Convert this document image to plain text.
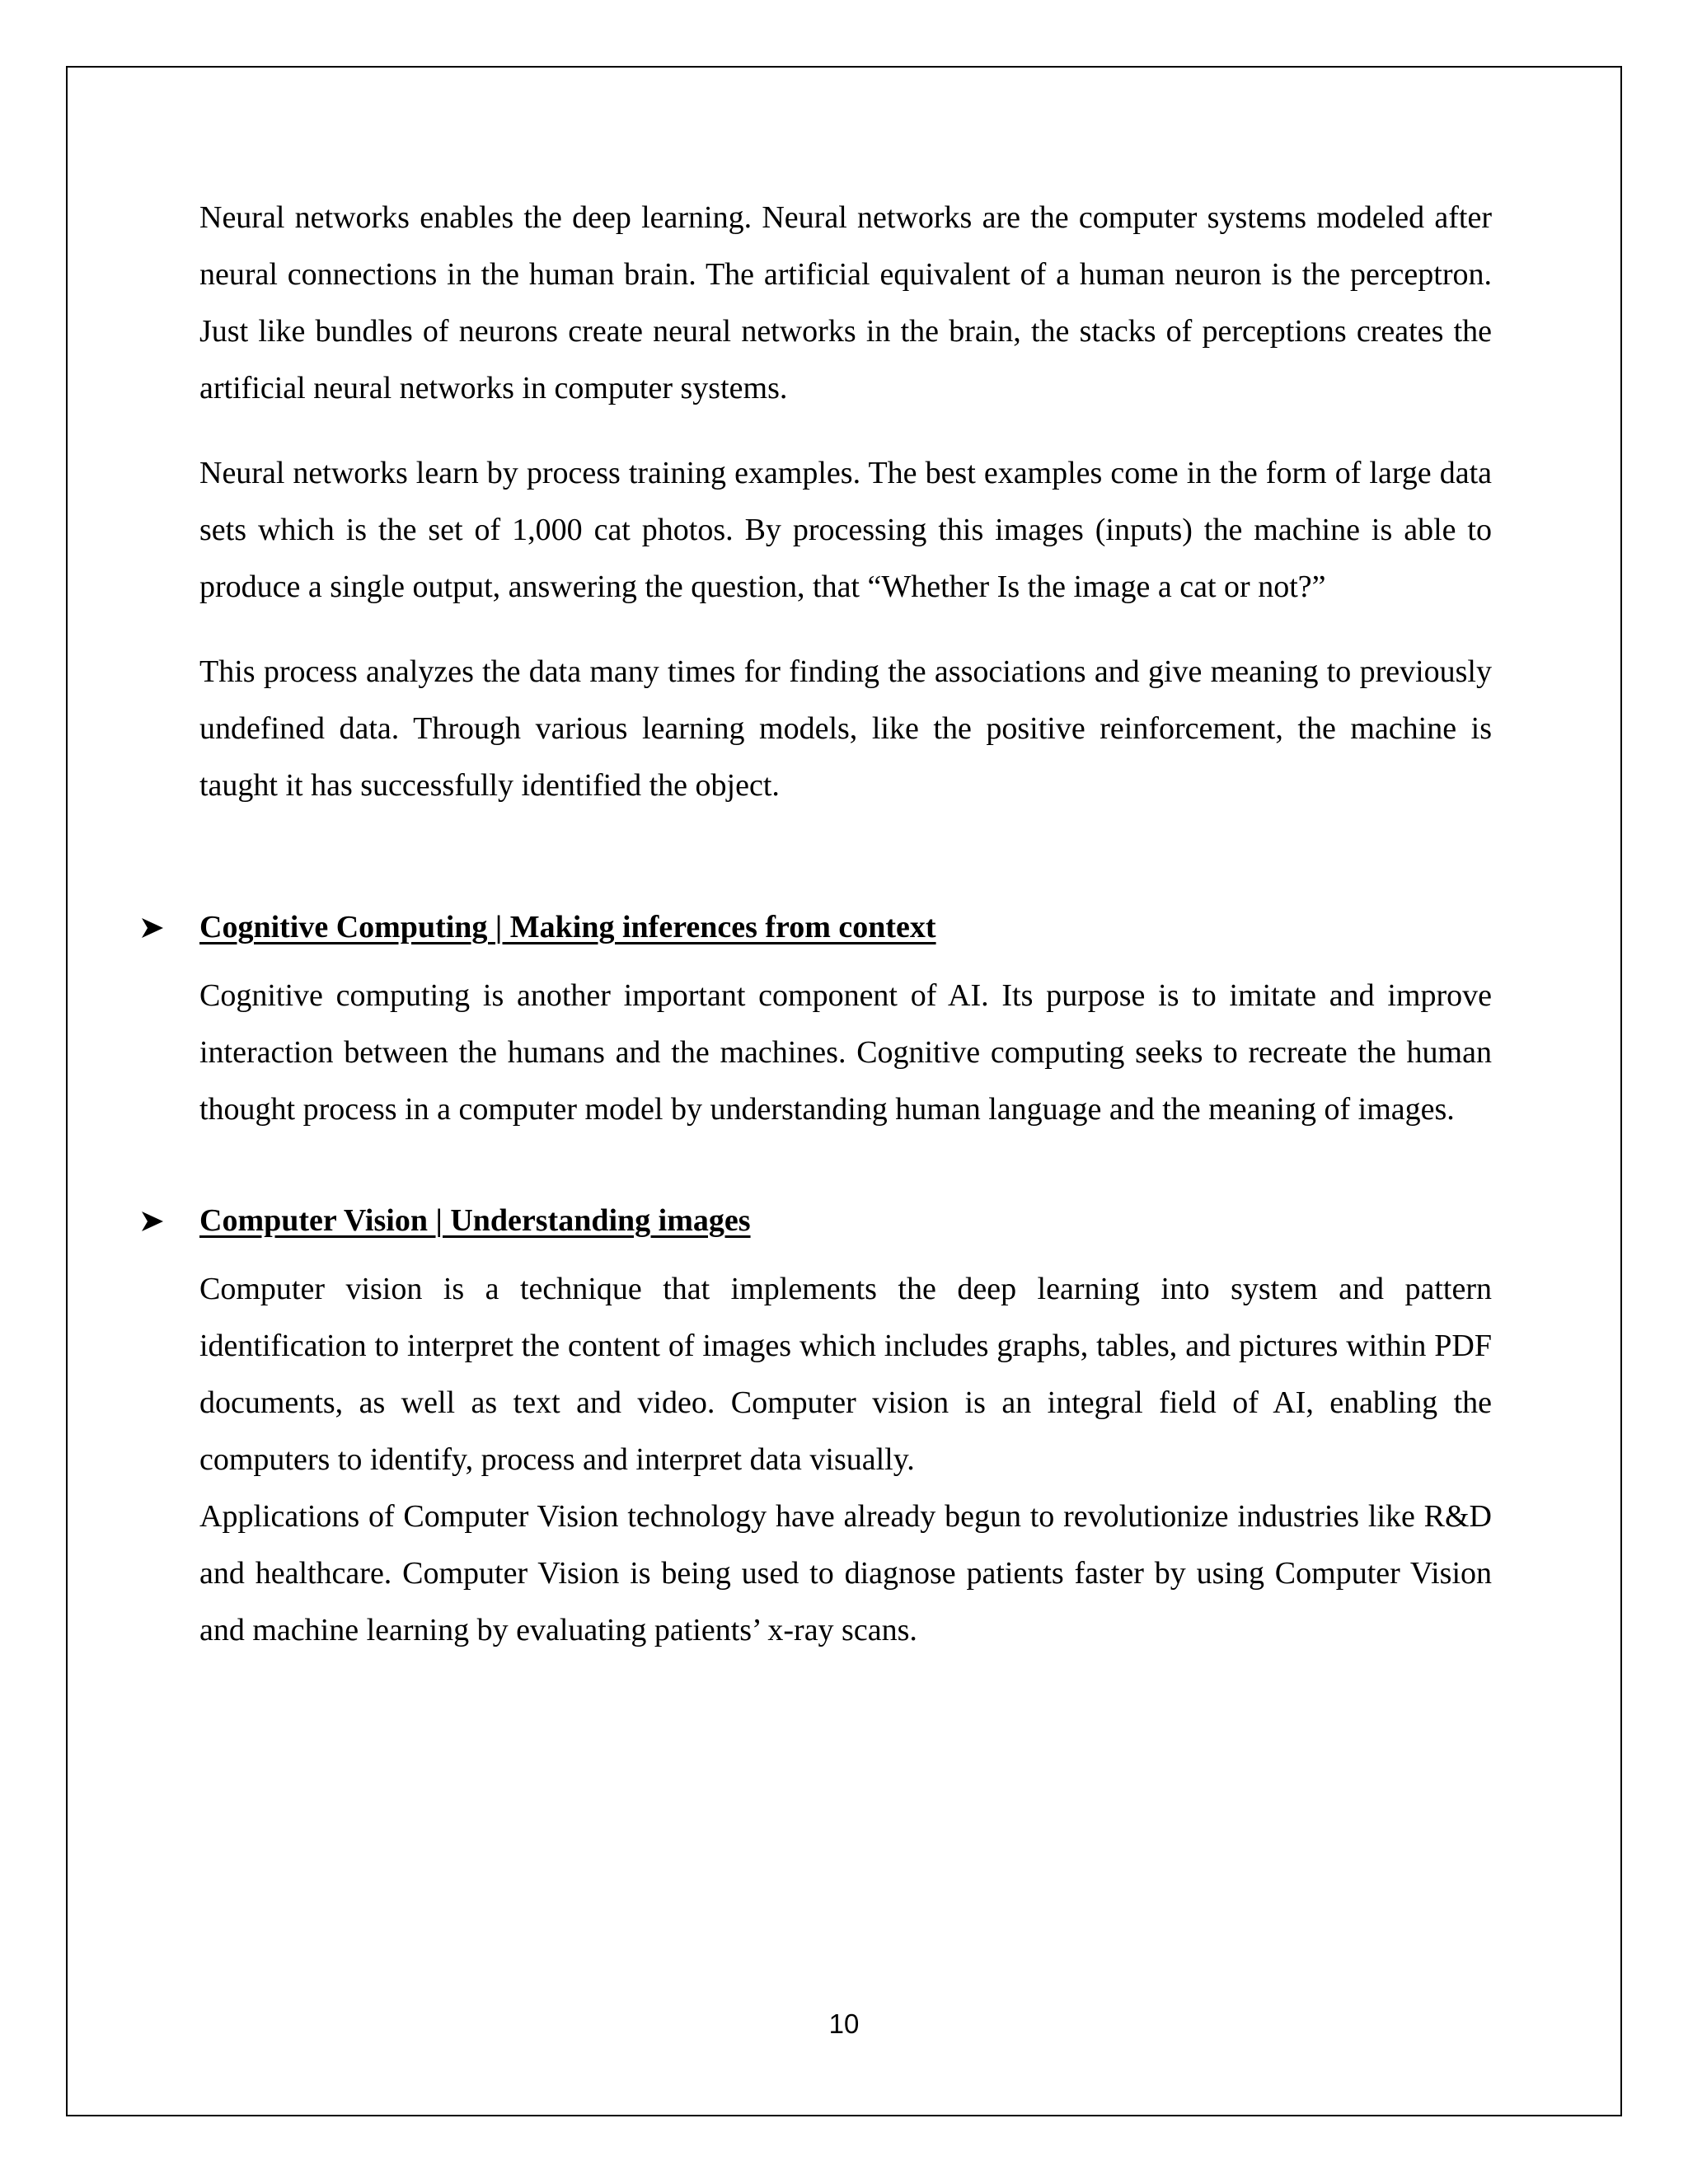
Neural networks enables the deep learning. Neural networks are the computer systems modeled after neural connections in the human brain. The artificial equivalent of a human neuron is the perceptron. Just like bundles of neurons create neural networks in the brain, the stacks of perceptions creates the artificial neural networks in computer systems.

Neural networks learn by process training examples. The best examples come in the form of large data sets which is the set of 1,000 cat photos. By processing this images (inputs) the machine is able to produce a single output, answering the question, that “Whether Is the image a cat or not?”

This process analyzes the data many times for finding the associations and give meaning to previously undefined data. Through various learning models, like the positive reinforcement, the machine is taught it has successfully identified the object.

Cognitive Computing | Making inferences from context

Cognitive computing is another important component of AI. Its purpose is to imitate and improve interaction between the humans and the machines. Cognitive computing seeks to recreate the human thought process in a computer model by understanding human language and the meaning of images.

Computer Vision | Understanding images

Computer vision is a technique that implements the deep learning into system and pattern identification to interpret the content of images which includes graphs, tables, and pictures within PDF documents, as well as text and video. Computer vision is an integral field of AI, enabling the computers to identify, process and interpret data visually.

Applications of Computer Vision technology have already begun to revolutionize industries like R&D and healthcare. Computer Vision is being used to diagnose patients faster by using Computer Vision and machine learning by evaluating patients’ x-ray scans.

10
